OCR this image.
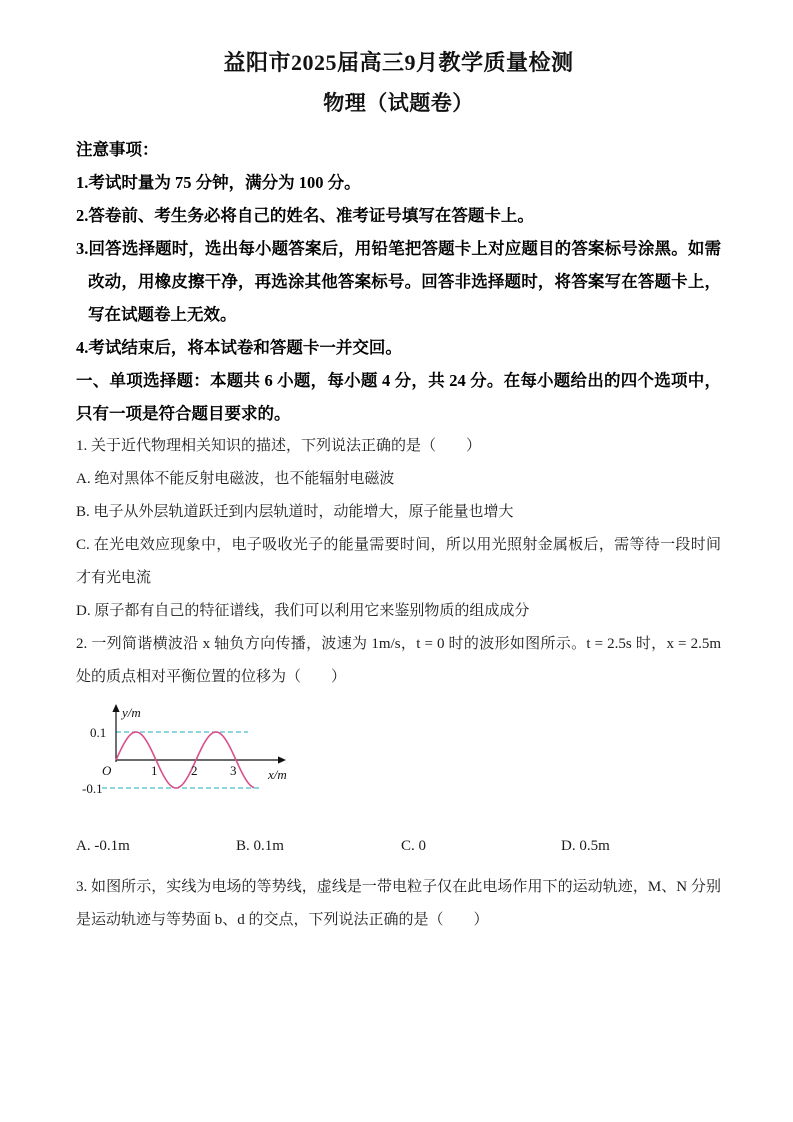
益阳市2025届高三9月教学质量检测
物理（试题卷）

注意事项：

1.考试时量为 75 分钟，满分为 100 分。

2.答卷前、考生务必将自己的姓名、准考证号填写在答题卡上。

3.回答选择题时，选出每小题答案后，用铅笔把答题卡上对应题目的答案标号涂黑。如需改动，用橡皮擦干净，再选涂其他答案标号。回答非选择题时，将答案写在答题卡上，写在试题卷上无效。

4.考试结束后，将本试卷和答题卡一并交回。

一、单项选择题：本题共 6 小题，每小题 4 分，共 24 分。在每小题给出的四个选项中，只有一项是符合题目要求的。

1. 关于近代物理相关知识的描述，下列说法正确的是（　　）

A. 绝对黑体不能反射电磁波，也不能辐射电磁波

B. 电子从外层轨道跃迁到内层轨道时，动能增大，原子能量也增大

C. 在光电效应现象中，电子吸收光子的能量需要时间，所以用光照射金属板后，需等待一段时间才有光电流

D. 原子都有自己的特征谱线，我们可以利用它来鉴别物质的组成成分

2. 一列简谐横波沿 x 轴负方向传播，波速为 1m/s，t = 0 时的波形如图所示。t = 2.5s 时，x = 2.5m 处的质点相对平衡位置的位移为（　　）

y/m
0.1
-0.1
O	1	2	3 x/m
A. -0.1m	B. 0.1m	C. 0	D. 0.5m

3. 如图所示，实线为电场的等势线，虚线是一带电粒子仅在此电场作用下的运动轨迹，M、N 分别是运动轨迹与等势面 b、d 的交点，下列说法正确的是（　　）
